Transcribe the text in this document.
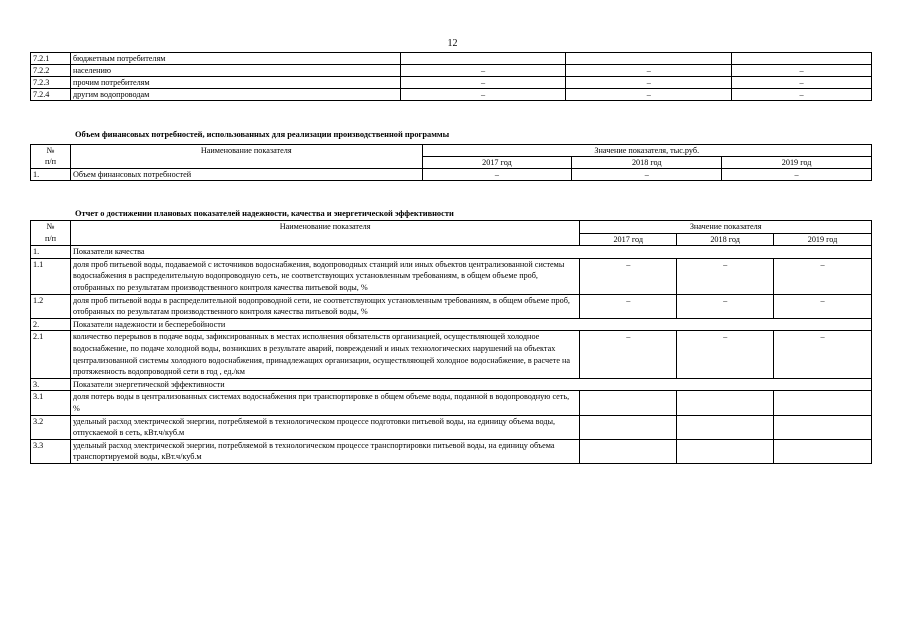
12
7.2.1	бюджетным потребителям			
7.2.2	населению	–	–	–
7.2.3	прочим потребителям	–	–	–
7.2.4	другим водопроводам	–	–	–
Объем финансовых потребностей, использованных для реализации производственной программы
№
п/п	Наименование показателя	Значение показателя, тыс.руб.		
		2017 год	2018 год	2019 год
1.	Объем финансовых потребностей	–	–	–
Отчет о достижении плановых показателей надежности, качества и энергетической эффективности
№
п/п	Наименование показателя	Значение показателя		
		2017 год	2018 год	2019 год
1.	Показатели качества			
1.1	доля проб питьевой воды, подаваемой с источников водоснабжения, водопроводных станций или иных объектов централизованной системы водоснабжения в распределительную водопроводную сеть, не соответствующих установленным требованиям, в общем объеме проб, отобранных по результатам производственного контроля качества питьевой воды, %	–	–	–
1.2	доля проб питьевой воды в распределительной водопроводной сети, не соответствующих установленным требованиям, в общем объеме проб, отобранных по результатам производственного контроля качества питьевой воды, %	–	–	–
2.	Показатели надежности и бесперебойности			
2.1	количество перерывов в подаче воды, зафиксированных в местах исполнения обязательств организацией, осуществляющей холодное водоснабжение, по подаче холодной воды, возникших в результате аварий, повреждений и иных технологических нарушений на объектах централизованной системы холодного водоснабжения, принадлежащих организации, осуществляющей холодное водоснабжение, в расчете на протяженность водопроводной сети в год , ед./км	–	–	–
3.	Показатели энергетической эффективности			
3.1	доля потерь воды в централизованных системах водоснабжения при транспортировке в общем объеме воды, поданной в водопроводную сеть, %			
3.2	удельный расход электрической энергии, потребляемой в технологическом процессе подготовки питьевой воды, на единицу объема воды, отпускаемой в сеть, кВт.ч/куб.м			
3.3	удельный расход электрической энергии, потребляемой в технологическом процессе транспортировки питьевой воды, на единицу объема транспортируемой воды, кВт.ч/куб.м			
